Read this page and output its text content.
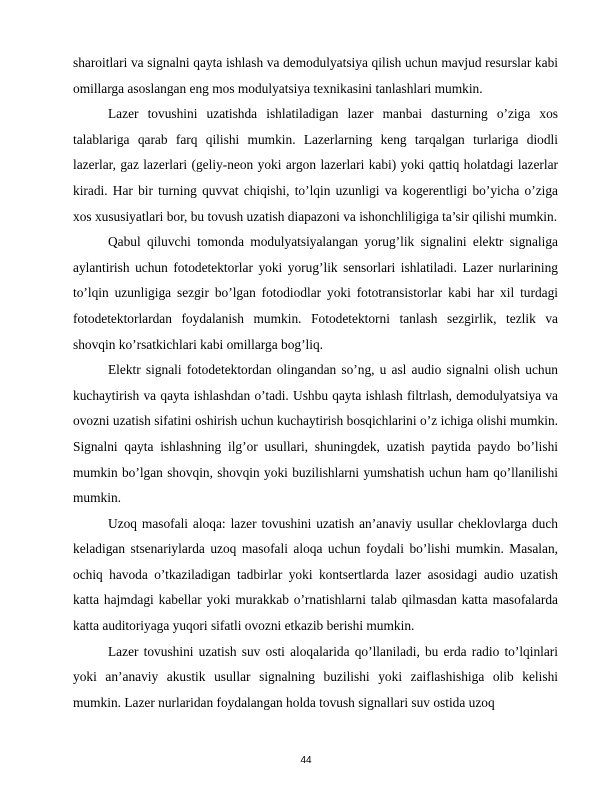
sharoitlari va signalni qayta ishlash va demodulyatsiya qilish uchun mavjud resurslar kabi omillarga asoslangan eng mos modulyatsiya texnikasini tanlashlari mumkin.

Lazer tovushini uzatishda ishlatiladigan lazer manbai dasturning o’ziga xos talablariga qarab farq qilishi mumkin. Lazerlarning keng tarqalgan turlariga diodli lazerlar, gaz lazerlari (geliy-neon yoki argon lazerlari kabi) yoki qattiq holatdagi lazerlar kiradi. Har bir turning quvvat chiqishi, to’lqin uzunligi va kogerentligi bo’yicha o’ziga xos xususiyatlari bor, bu tovush uzatish diapazoni va ishonchliligiga ta’sir qilishi mumkin.

Qabul qiluvchi tomonda modulyatsiyalangan yorug’lik signalini elektr signaliga aylantirish uchun fotodetektorlar yoki yorug’lik sensorlari ishlatiladi. Lazer nurlarining to’lqin uzunligiga sezgir bo’lgan fotodiodlar yoki fototransistorlar kabi har xil turdagi fotodetektorlardan foydalanish mumkin. Fotodetektorni tanlash sezgirlik, tezlik va shovqin ko’rsatkichlari kabi omillarga bog’liq.

Elektr signali fotodetektordan olingandan so’ng, u asl audio signalni olish uchun kuchaytirish va qayta ishlashdan o’tadi. Ushbu qayta ishlash filtrlash, demodulyatsiya va ovozni uzatish sifatini oshirish uchun kuchaytirish bosqichlarini o’z ichiga olishi mumkin. Signalni qayta ishlashning ilg’or usullari, shuningdek, uzatish paytida paydo bo’lishi mumkin bo’lgan shovqin, shovqin yoki buzilishlarni yumshatish uchun ham qo’llanilishi mumkin.

Uzoq masofali aloqa: lazer tovushini uzatish an’anaviy usullar cheklovlarga duch keladigan stsenariylarda uzoq masofali aloqa uchun foydali bo’lishi mumkin. Masalan, ochiq havoda o’tkaziladigan tadbirlar yoki kontsertlarda lazer asosidagi audio uzatish katta hajmdagi kabellar yoki murakkab o’rnatishlarni talab qilmasdan katta masofalarda katta auditoriyaga yuqori sifatli ovozni etkazib berishi mumkin.

Lazer tovushini uzatish suv osti aloqalarida qo’llaniladi, bu erda radio to’lqinlari yoki an’anaviy akustik usullar signalning buzilishi yoki zaiflashishiga olib kelishi mumkin. Lazer nurlaridan foydalangan holda tovush signallari suv ostida uzoq

44
